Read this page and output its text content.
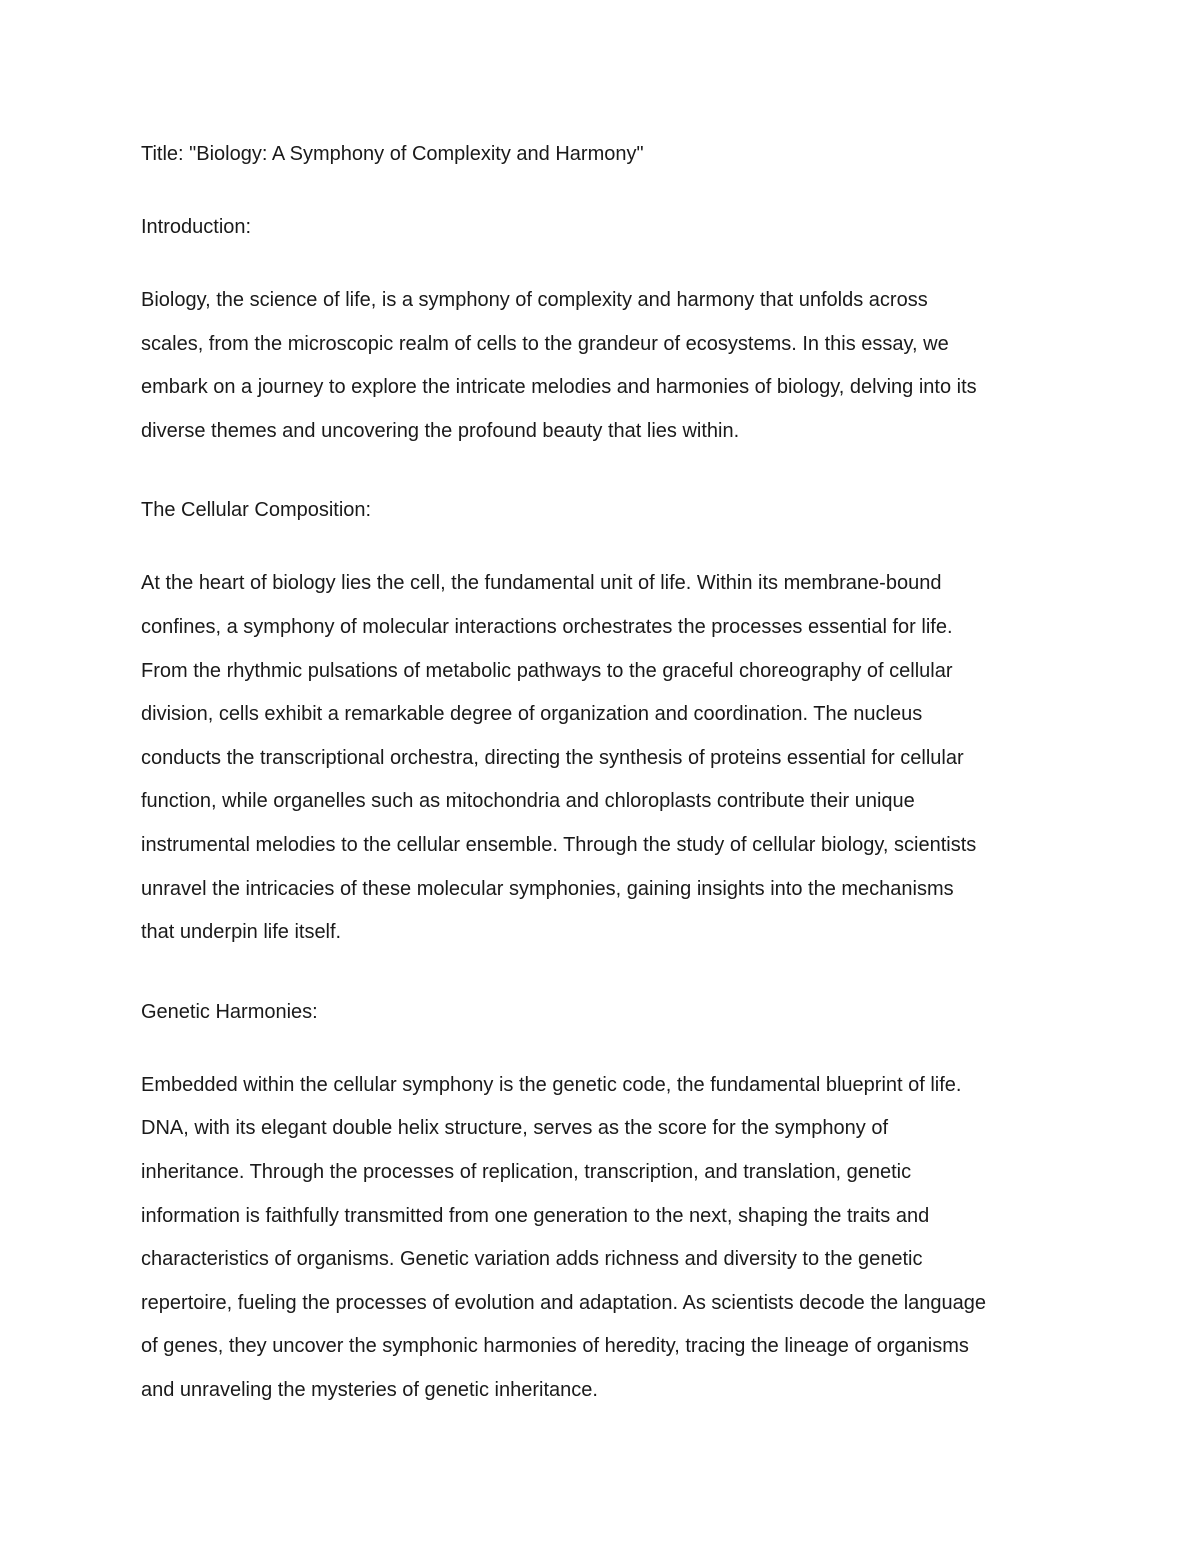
Title: "Biology: A Symphony of Complexity and Harmony"

Introduction:

Biology, the science of life, is a symphony of complexity and harmony that unfolds across
scales, from the microscopic realm of cells to the grandeur of ecosystems. In this essay, we
embark on a journey to explore the intricate melodies and harmonies of biology, delving into its
diverse themes and uncovering the profound beauty that lies within.

The Cellular Composition:

At the heart of biology lies the cell, the fundamental unit of life. Within its membrane-bound
confines, a symphony of molecular interactions orchestrates the processes essential for life.
From the rhythmic pulsations of metabolic pathways to the graceful choreography of cellular
division, cells exhibit a remarkable degree of organization and coordination. The nucleus
conducts the transcriptional orchestra, directing the synthesis of proteins essential for cellular
function, while organelles such as mitochondria and chloroplasts contribute their unique
instrumental melodies to the cellular ensemble. Through the study of cellular biology, scientists
unravel the intricacies of these molecular symphonies, gaining insights into the mechanisms
that underpin life itself.

Genetic Harmonies:

Embedded within the cellular symphony is the genetic code, the fundamental blueprint of life.
DNA, with its elegant double helix structure, serves as the score for the symphony of
inheritance. Through the processes of replication, transcription, and translation, genetic
information is faithfully transmitted from one generation to the next, shaping the traits and
characteristics of organisms. Genetic variation adds richness and diversity to the genetic
repertoire, fueling the processes of evolution and adaptation. As scientists decode the language
of genes, they uncover the symphonic harmonies of heredity, tracing the lineage of organisms
and unraveling the mysteries of genetic inheritance.
